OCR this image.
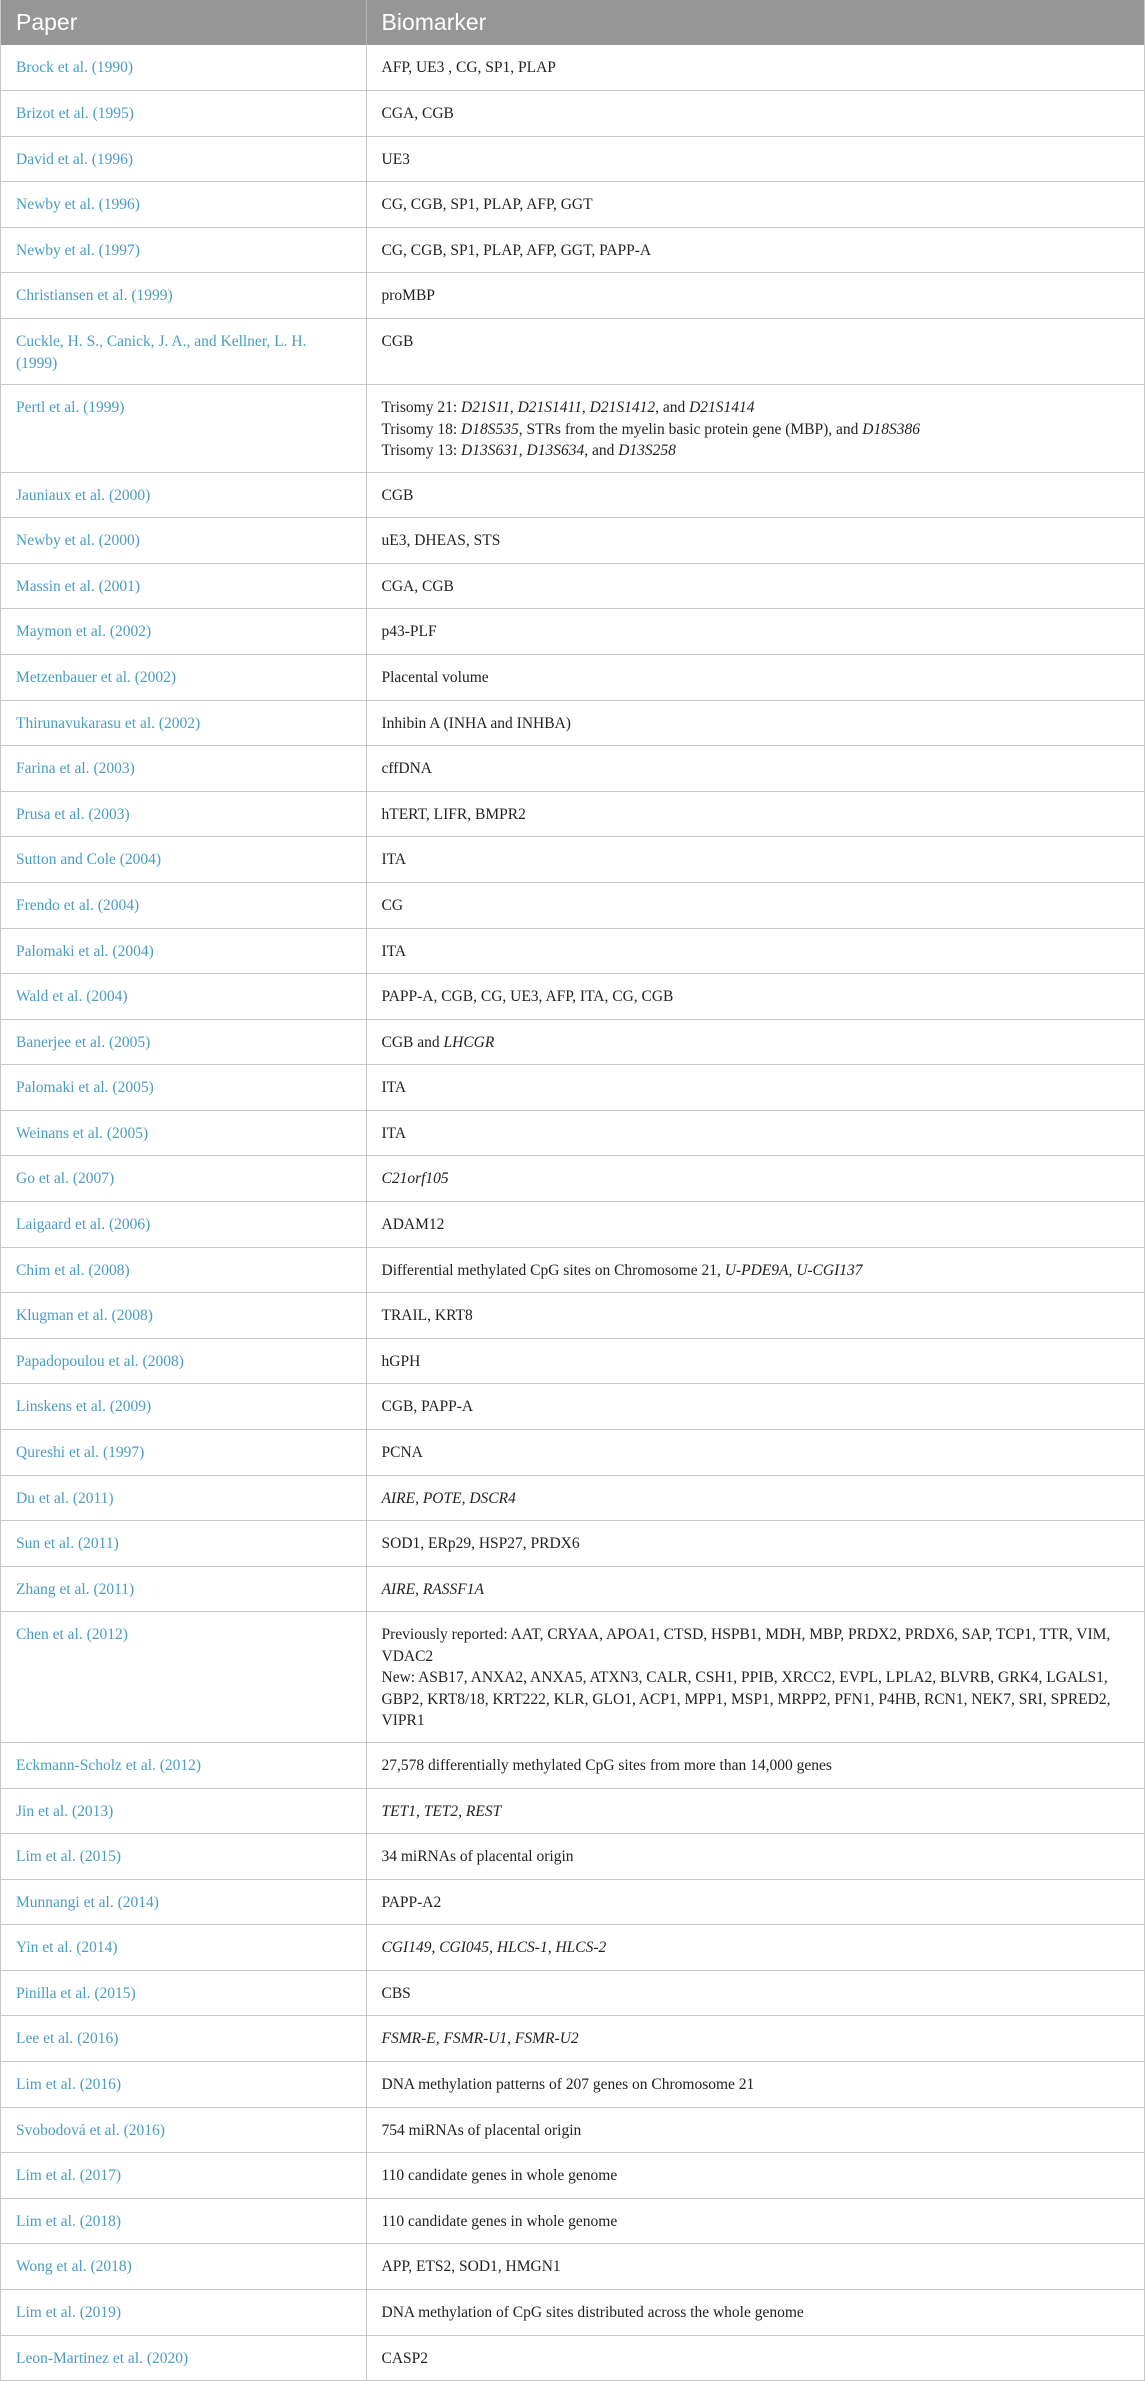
Paper	Biomarker
Brock et al. (1990)	AFP, UE3 , CG, SP1, PLAP

Brizot et al. (1995)	CGA, CGB

David et al. (1996)	UE3

Newby et al. (1996)	CG, CGB, SP1, PLAP, AFP, GGT

Newby et al. (1997)	CG, CGB, SP1, PLAP, AFP, GGT, PAPP-A

Christiansen et al. (1999)	proMBP

Cuckle, H. S., Canick, J. A., and Kellner, L. H. (1999)	CGB

Pertl et al. (1999)	Trisomy 21: D21S11, D21S1411, D21S1412, and D21S1414
Trisomy 18: D18S535, STRs from the myelin basic protein gene (MBP), and D18S386
Trisomy 13: D13S631, D13S634, and D13S258

Jauniaux et al. (2000)	CGB

Newby et al. (2000)	uE3, DHEAS, STS

Massin et al. (2001)	CGA, CGB

Maymon et al. (2002)	p43-PLF

Metzenbauer et al. (2002)	Placental volume

Thirunavukarasu et al. (2002)	Inhibin A (INHA and INHBA)

Farina et al. (2003)	cffDNA

Prusa et al. (2003)	hTERT, LIFR, BMPR2

Sutton and Cole (2004)	ITA

Frendo et al. (2004)	CG

Palomaki et al. (2004)	ITA

Wald et al. (2004)	PAPP-A, CGB, CG, UE3, AFP, ITA, CG, CGB

Banerjee et al. (2005)	CGB and LHCGR

Palomaki et al. (2005)	ITA

Weinans et al. (2005)	ITA

Go et al. (2007)	C21orf105

Laigaard et al. (2006)	ADAM12

Chim et al. (2008)	Differential methylated CpG sites on Chromosome 21, U-PDE9A, U-CGI137

Klugman et al. (2008)	TRAIL, KRT8

Papadopoulou et al. (2008)	hGPH

Linskens et al. (2009)	CGB, PAPP-A

Qureshi et al. (1997)	PCNA

Du et al. (2011)	AIRE, POTE, DSCR4

Sun et al. (2011)	SOD1, ERp29, HSP27, PRDX6

Zhang et al. (2011)	AIRE, RASSF1A

Chen et al. (2012)	Previously reported: AAT, CRYAA, APOA1, CTSD, HSPB1, MDH, MBP, PRDX2, PRDX6, SAP, TCP1, TTR, VIM, VDAC2
New: ASB17, ANXA2, ANXA5, ATXN3, CALR, CSH1, PPIB, XRCC2, EVPL, LPLA2, BLVRB, GRK4, LGALS1, GBP2, KRT8/18, KRT222, KLR, GLO1, ACP1, MPP1, MSP1, MRPP2, PFN1, P4HB, RCN1, NEK7, SRI, SPRED2, VIPR1

Eckmann-Scholz et al. (2012)	27,578 differentially methylated CpG sites from more than 14,000 genes

Jin et al. (2013)	TET1, TET2, REST

Lim et al. (2015)	34 miRNAs of placental origin

Munnangi et al. (2014)	PAPP-A2

Yin et al. (2014)	CGI149, CGI045, HLCS-1, HLCS-2

Pinilla et al. (2015)	CBS

Lee et al. (2016)	FSMR-E, FSMR-U1, FSMR-U2

Lim et al. (2016)	DNA methylation patterns of 207 genes on Chromosome 21

Svobodová et al. (2016)	754 miRNAs of placental origin

Lim et al. (2017)	110 candidate genes in whole genome

Lim et al. (2018)	110 candidate genes in whole genome

Wong et al. (2018)	APP, ETS2, SOD1, HMGN1

Lim et al. (2019)	DNA methylation of CpG sites distributed across the whole genome

Leon-Martinez et al. (2020)	CASP2
